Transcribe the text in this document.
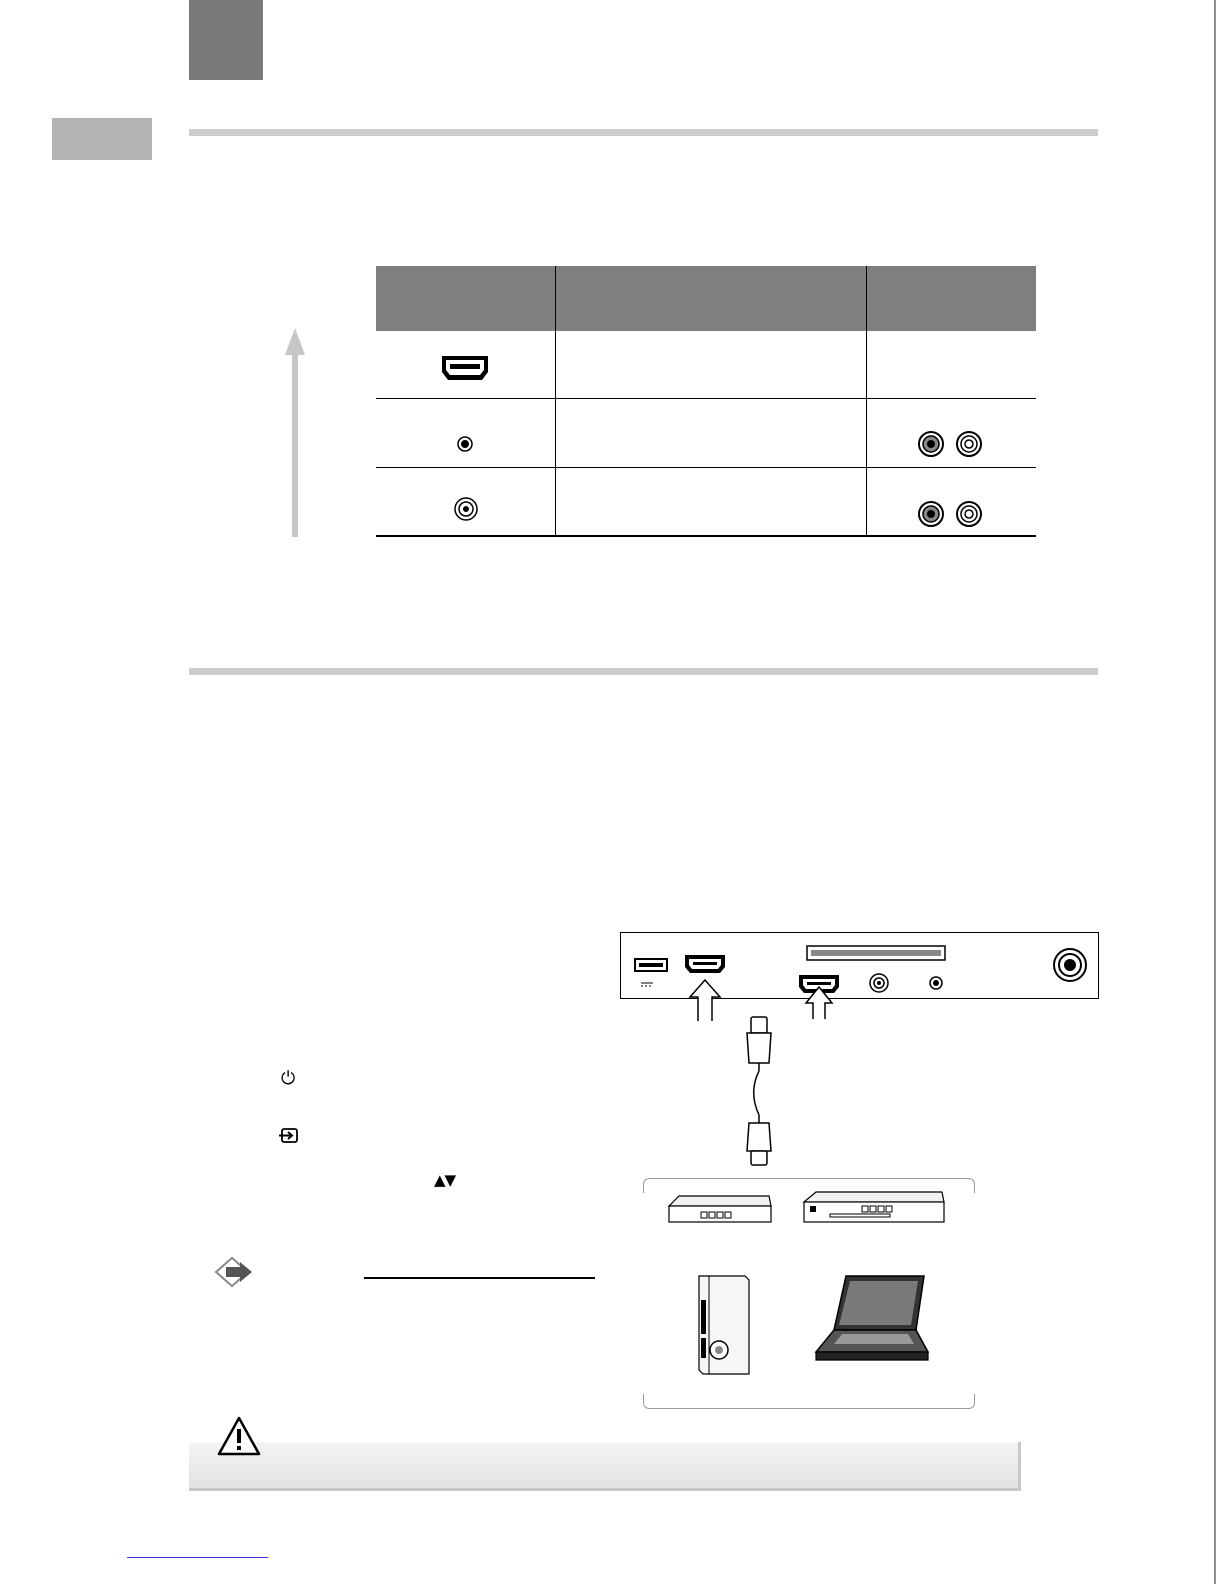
⏻
▲▼
